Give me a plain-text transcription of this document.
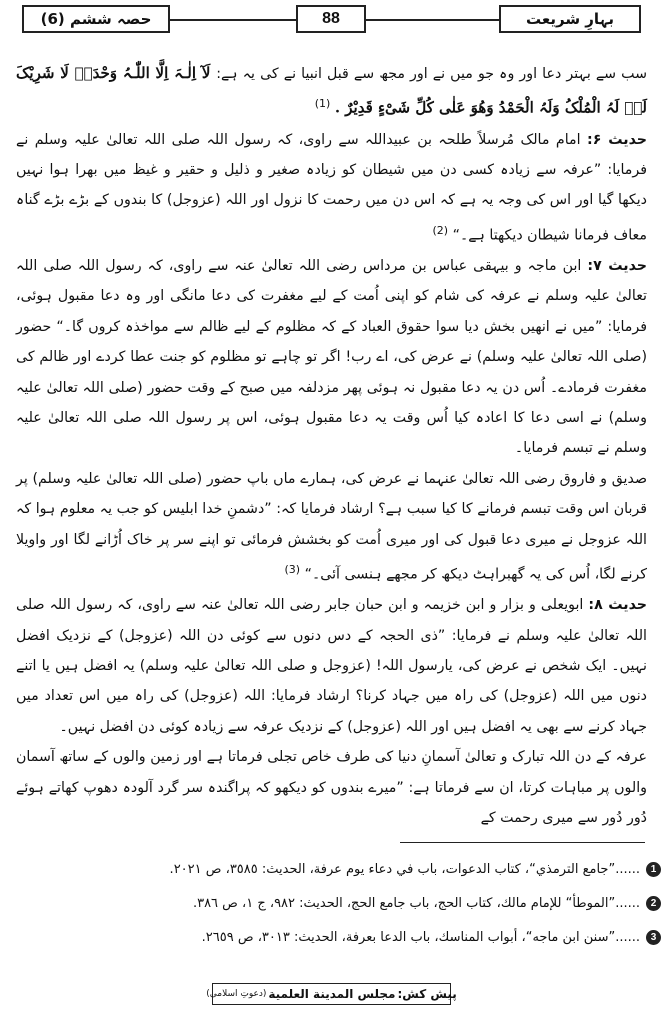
حصہ ششم (6)	88	بہارِ شریعت

سب سے بہتر دعا اور وہ جو میں نے اور مجھ سے قبل انبیا نے کی یہ ہے: لَآ اِلٰـہَ اِلَّا اللّٰـہُ وَحْدَہٗ لَا شَرِیْکَ لَہٗ لَہُ الْمُلْکُ وَلَہُ الْحَمْدُ وَھُوَ عَلٰی کُلِّ شَیْءٍ قَدِیْرٌ . $^{(1)}$

حدیث ۶: امام مالک مُرسلاً طلحہ بن عبیداللہ سے راوی، کہ رسول اللہ صلی اللہ تعالیٰ علیہ وسلم نے فرمایا: ”عرفہ سے زیادہ کسی دن میں شیطان کو زیادہ صغیر و ذلیل و حقیر و غیظ میں بھرا ہوا نہیں دیکھا گیا اور اس کی وجہ یہ ہے کہ اس دن میں رحمت کا نزول اور اللہ (عزوجل) کا بندوں کے بڑے بڑے گناہ معاف فرمانا شیطان دیکھتا ہے۔“ $^{(2)}$

حدیث ۷: ابن ماجہ و بیہقی عباس بن مرداس رضی اللہ تعالیٰ عنہ سے راوی، کہ رسول اللہ صلی اللہ تعالیٰ علیہ وسلم نے عرفہ کی شام کو اپنی اُمت کے لیے مغفرت کی دعا مانگی اور وہ دعا مقبول ہوئی، فرمایا: ”میں نے انھیں بخش دیا سوا حقوق العباد کے کہ مظلوم کے لیے ظالم سے مواخذہ کروں گا۔“ حضور (صلی اللہ تعالیٰ علیہ وسلم) نے عرض کی، اے رب! اگر تو چاہے تو مظلوم کو جنت عطا کردے اور ظالم کی مغفرت فرمادے۔ اُس دن یہ دعا مقبول نہ ہوئی پھر مزدلفہ میں صبح کے وقت حضور (صلی اللہ تعالیٰ علیہ وسلم) نے اسی دعا کا اعادہ کیا اُس وقت یہ دعا مقبول ہوئی، اس پر رسول اللہ صلی اللہ تعالیٰ علیہ وسلم نے تبسم فرمایا۔

صدیق و فاروق رضی اللہ تعالیٰ عنہما نے عرض کی، ہمارے ماں باپ حضور (صلی اللہ تعالیٰ علیہ وسلم) پر قربان اس وقت تبسم فرمانے کا کیا سبب ہے؟ ارشاد فرمایا کہ: ”دشمنِ خدا ابلیس کو جب یہ معلوم ہوا کہ اللہ عزوجل نے میری دعا قبول کی اور میری اُمت کو بخشش فرمائی تو اپنے سر پر خاک اُڑانے لگا اور واویلا کرنے لگا، اُس کی یہ گھبراہٹ دیکھ کر مجھے ہنسی آئی۔“ $^{(3)}$

حدیث ۸: ابویعلی و بزار و ابن خزیمہ و ابن حبان جابر رضی اللہ تعالیٰ عنہ سے راوی، کہ رسول اللہ صلی اللہ تعالیٰ علیہ وسلم نے فرمایا: ”ذی الحجہ کے دس دنوں سے کوئی دن اللہ (عزوجل) کے نزدیک افضل نہیں۔ ایک شخص نے عرض کی، یارسول اللہ! (عزوجل و صلی اللہ تعالیٰ علیہ وسلم) یہ افضل ہیں یا اتنے دنوں میں اللہ (عزوجل) کی راہ میں جہاد کرنا؟ ارشاد فرمایا: اللہ (عزوجل) کی راہ میں اس تعداد میں جہاد کرنے سے بھی یہ افضل ہیں اور اللہ (عزوجل) کے نزدیک عرفہ سے زیادہ کوئی دن افضل نہیں۔

عرفہ کے دن اللہ تبارک و تعالیٰ آسمانِ دنیا کی طرف خاص تجلی فرماتا ہے اور زمین والوں کے ساتھ آسمان والوں پر مباہات کرتا، ان سے فرماتا ہے: ”میرے بندوں کو دیکھو کہ پراگندہ سر گرد آلودہ دھوپ کھاتے ہوئے دُور دُور سے میری رحمت کے

1
......”جامع الترمذي“، كتاب الدعوات، باب في دعاء يوم عرفة، الحديث: ٣٥٨٥، ص ٢٠٢١.
2
......”الموطأ“ للإمام مالك، كتاب الحج، باب جامع الحج، الحديث: ٩٨٢، ج ١، ص ٣٨٦.
3
......”سنن ابن ماجه“، أبواب المناسك، باب الدعا بعرفة، الحديث: ٣٠١٣، ص ٢٦٥٩.
پیش کش:
مجلس المدينة العلمية
(دعوتِ اسلامی)
